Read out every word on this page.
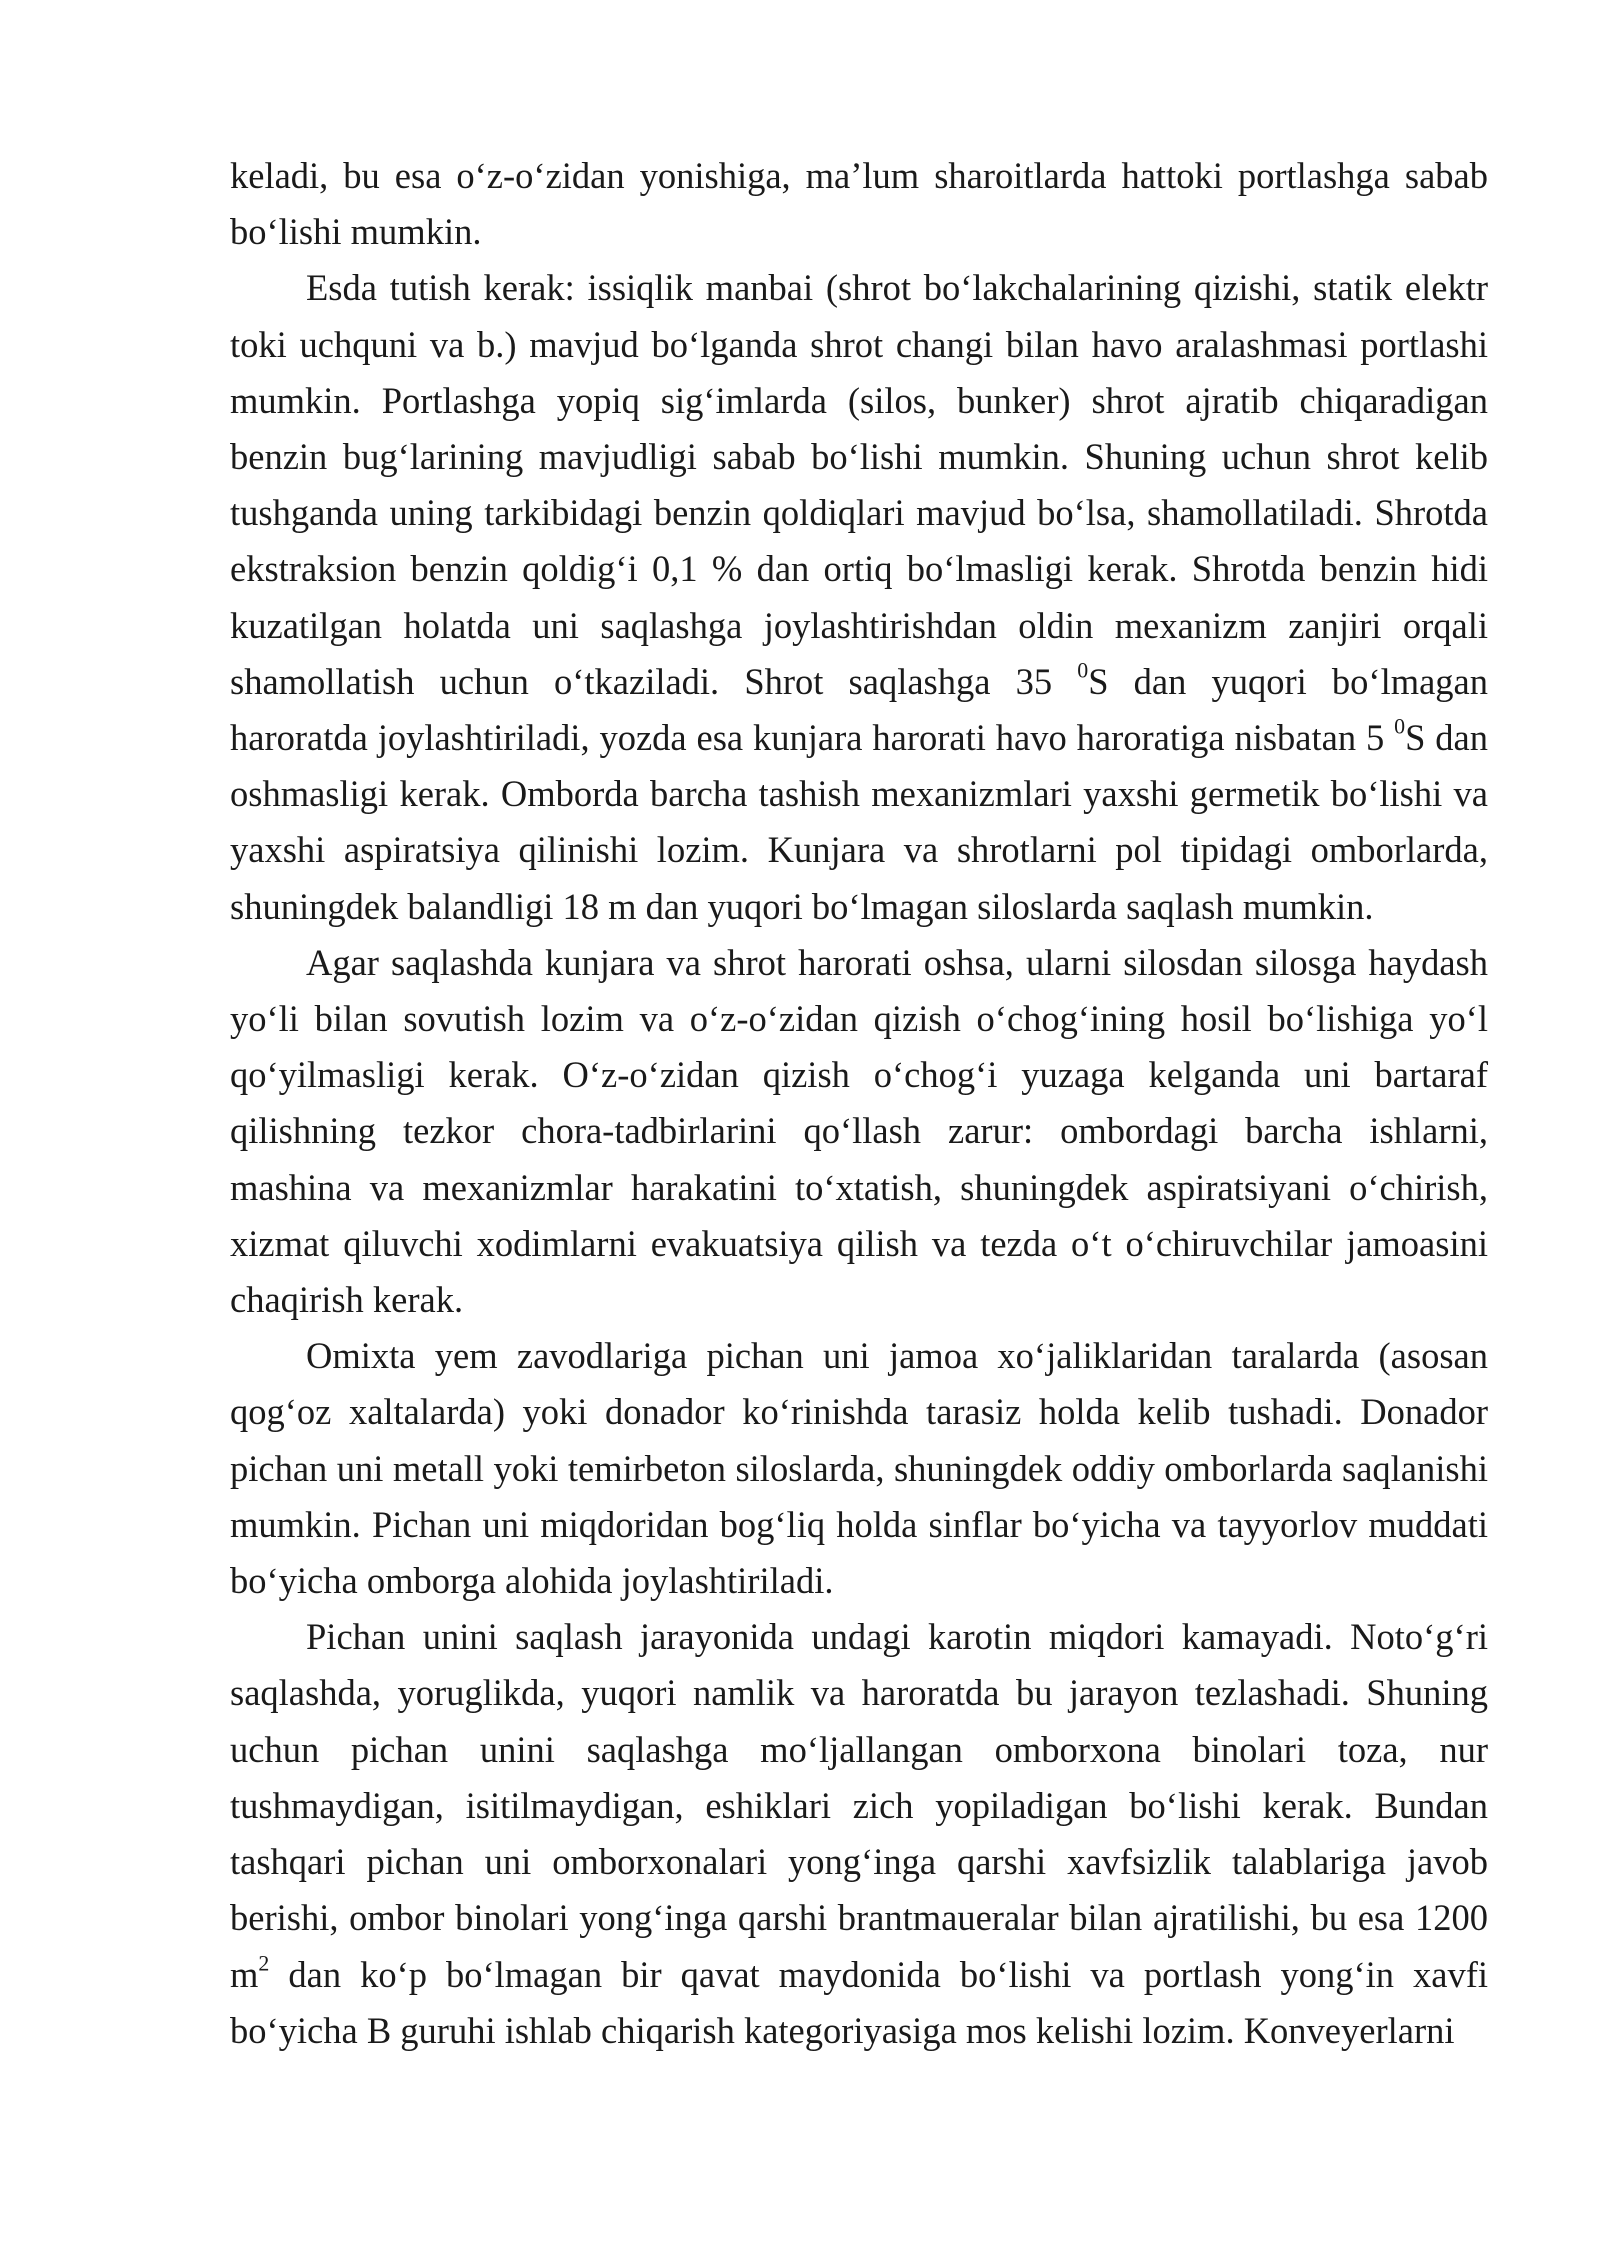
keladi, bu esa o‘z-o‘zidan yonishiga, ma’lum sharoitlarda hattoki portlashga sabab bo‘lishi mumkin.

Esda tutish kerak: issiqlik manbai (shrot bo‘lakchalarining qizishi, statik elektr toki uchquni va b.) mavjud bo‘lganda shrot changi bilan havo aralashmasi portlashi mumkin. Portlashga yopiq sig‘imlarda (silos, bunker) shrot ajratib chiqaradigan benzin bug‘larining mavjudligi sabab bo‘lishi mumkin. Shuning uchun shrot kelib tushganda uning tarkibidagi benzin qoldiqlari mavjud bo‘lsa, shamollatiladi. Shrotda ekstraksion benzin qoldig‘i 0,1 % dan ortiq bo‘lmasligi kerak. Shrotda benzin hidi kuzatilgan holatda uni saqlashga joylashtirishdan oldin mexanizm zanjiri orqali shamollatish uchun o‘tkaziladi. Shrot saqlashga 35 $^0$S dan yuqori bo‘lmagan haroratda joylashtiriladi, yozda esa kunjara harorati havo haroratiga nisbatan 5 $^0$S dan oshmasligi kerak. Omborda barcha tashish mexanizmlari yaxshi germetik bo‘lishi va yaxshi aspiratsiya qilinishi lozim. Kunjara va shrotlarni pol tipidagi omborlarda, shuningdek balandligi 18 m dan yuqori bo‘lmagan siloslarda saqlash mumkin.

Agar saqlashda kunjara va shrot harorati oshsa, ularni silosdan silosga haydash yo‘li bilan sovutish lozim va o‘z-o‘zidan qizish o‘chog‘ining hosil bo‘lishiga yo‘l qo‘yilmasligi kerak. O‘z-o‘zidan qizish o‘chog‘i yuzaga kelganda uni bartaraf qilishning tezkor chora-tadbirlarini qo‘llash zarur: ombordagi barcha ishlarni, mashina va mexanizmlar harakatini to‘xtatish, shuningdek aspiratsiyani o‘chirish, xizmat qiluvchi xodimlarni evakuatsiya qilish va tezda o‘t o‘chiruvchilar jamoasini chaqirish kerak.

Omixta yem zavodlariga pichan uni jamoa xo‘jaliklaridan taralarda (asosan qog‘oz xaltalarda) yoki donador ko‘rinishda tarasiz holda kelib tushadi. Donador pichan uni metall yoki temirbeton siloslarda, shuningdek oddiy omborlarda saqlanishi mumkin. Pichan uni miqdoridan bog‘liq holda sinflar bo‘yicha va tayyorlov muddati bo‘yicha omborga alohida joylashtiriladi.

Pichan unini saqlash jarayonida undagi karotin miqdori kamayadi. Noto‘g‘ri saqlashda, yoruglikda, yuqori namlik va haroratda bu jarayon tezlashadi. Shuning uchun pichan unini saqlashga mo‘ljallangan omborxona binolari toza, nur tushmaydigan, isitilmaydigan, eshiklari zich yopiladigan bo‘lishi kerak. Bundan tashqari pichan uni omborxonalari yong‘inga qarshi xavfsizlik talablariga javob berishi, ombor binolari yong‘inga qarshi brantmaueralar bilan ajratilishi, bu esa 1200 $m^2$ dan ko‘p bo‘lmagan bir qavat maydonida bo‘lishi va portlash yong‘in xavfi bo‘yicha B guruhi ishlab chiqarish kategoriyasiga mos kelishi lozim. Konveyerlarni
